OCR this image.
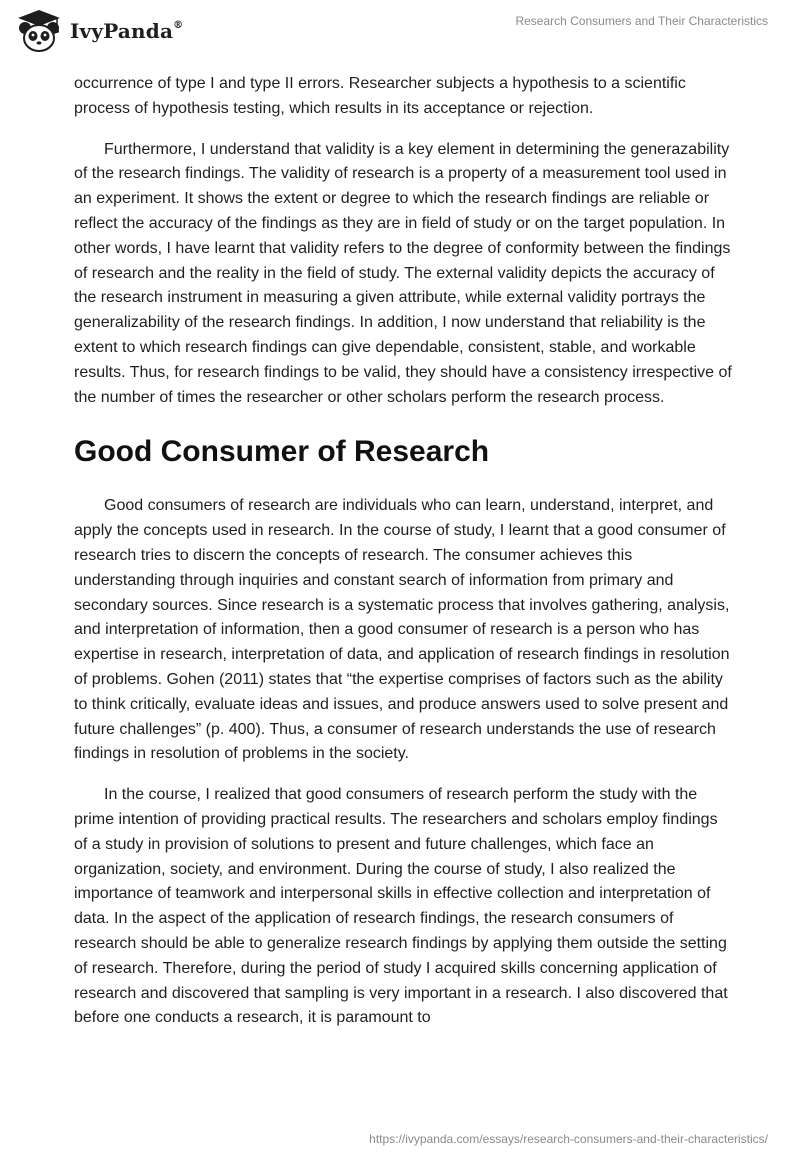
IvyPanda®	Research Consumers and Their Characteristics

occurrence of type I and type II errors. Researcher subjects a hypothesis to a scientific process of hypothesis testing, which results in its acceptance or rejection.

Furthermore, I understand that validity is a key element in determining the generazability of the research findings. The validity of research is a property of a measurement tool used in an experiment. It shows the extent or degree to which the research findings are reliable or reflect the accuracy of the findings as they are in field of study or on the target population. In other words, I have learnt that validity refers to the degree of conformity between the findings of research and the reality in the field of study. The external validity depicts the accuracy of the research instrument in measuring a given attribute, while external validity portrays the generalizability of the research findings. In addition, I now understand that reliability is the extent to which research findings can give dependable, consistent, stable, and workable results. Thus, for research findings to be valid, they should have a consistency irrespective of the number of times the researcher or other scholars perform the research process.

Good Consumer of Research

Good consumers of research are individuals who can learn, understand, interpret, and apply the concepts used in research. In the course of study, I learnt that a good consumer of research tries to discern the concepts of research. The consumer achieves this understanding through inquiries and constant search of information from primary and secondary sources. Since research is a systematic process that involves gathering, analysis, and interpretation of information, then a good consumer of research is a person who has expertise in research, interpretation of data, and application of research findings in resolution of problems. Gohen (2011) states that “the expertise comprises of factors such as the ability to think critically, evaluate ideas and issues, and produce answers used to solve present and future challenges” (p. 400). Thus, a consumer of research understands the use of research findings in resolution of problems in the society.

In the course, I realized that good consumers of research perform the study with the prime intention of providing practical results. The researchers and scholars employ findings of a study in provision of solutions to present and future challenges, which face an organization, society, and environment. During the course of study, I also realized the importance of teamwork and interpersonal skills in effective collection and interpretation of data. In the aspect of the application of research findings, the research consumers of research should be able to generalize research findings by applying them outside the setting of research. Therefore, during the period of study I acquired skills concerning application of research and discovered that sampling is very important in a research. I also discovered that before one conducts a research, it is paramount to

https://ivypanda.com/essays/research-consumers-and-their-characteristics/
